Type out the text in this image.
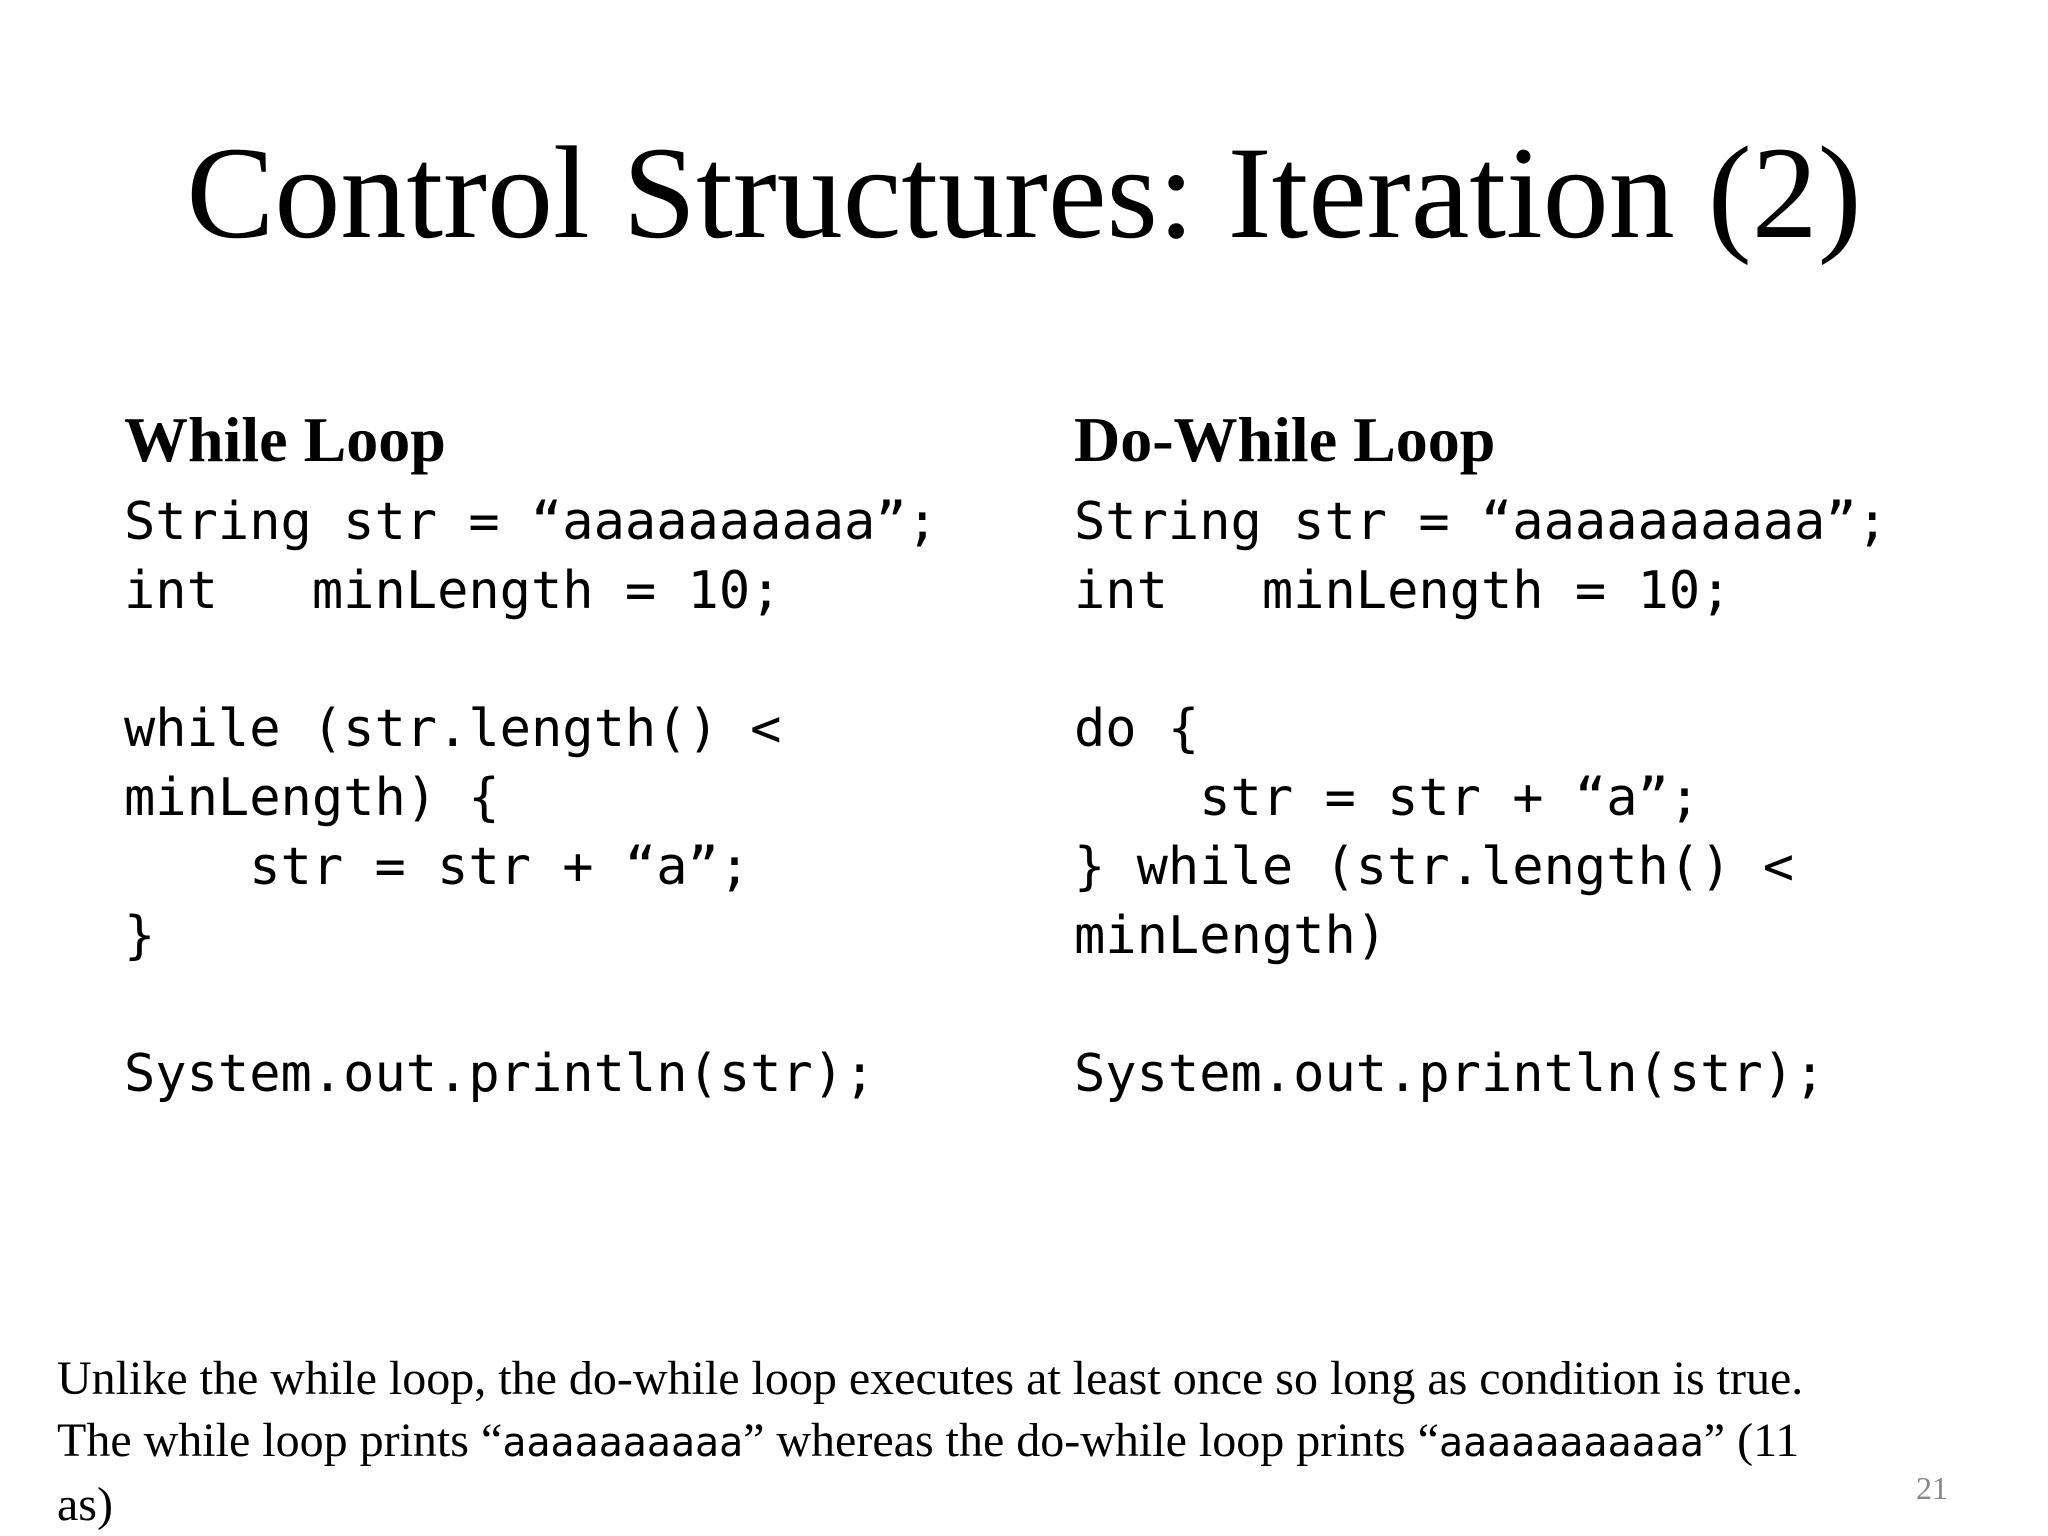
Control Structures: Iteration (2)
While Loop
String str = “aaaaaaaaaa”;
int   minLength = 10;
while (str.length() <
minLength) {
str = str + “a”;
}
System.out.println(str);
Do-While Loop
String str = “aaaaaaaaaa”;
int   minLength = 10;
do {
str = str + “a”;
} while (str.length() <
minLength)
System.out.println(str);

Unlike the while loop, the do-while loop executes at least once so long as condition is true.
The while loop prints “aaaaaaaaaa” whereas the do-while loop prints “aaaaaaaaaaa” (11
as)	21
